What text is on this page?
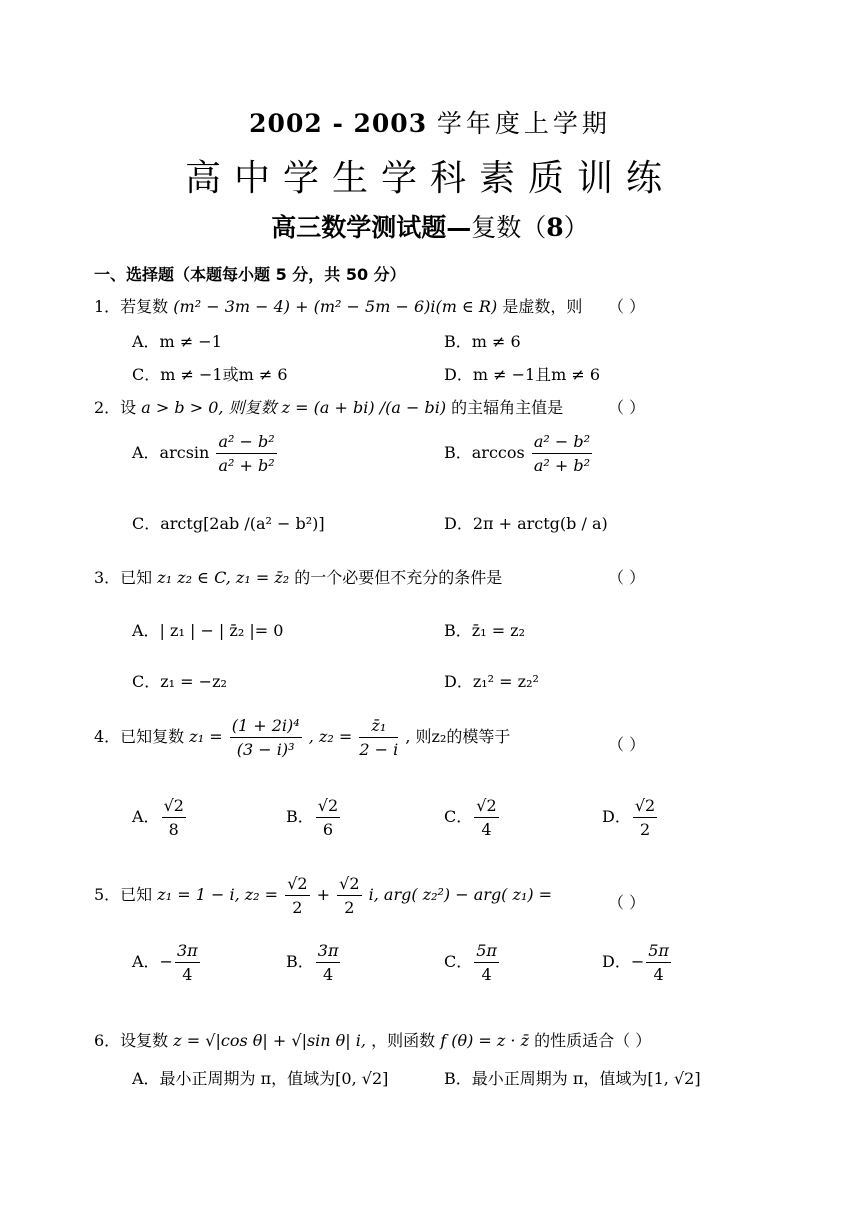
2002 - 2003 学年度上学期
高中学生学科素质训练
高三数学测试题—复数（8）
一、选择题（本题每小题 5 分，共 50 分）
1．若复数 (m² − 3m − 4) + (m² − 5m − 6)i(m ∈ R) 是虚数，则 （ ）
A．m ≠ −1	B．m ≠ 6
C．m ≠ −1或m ≠ 6	D．m ≠ −1且m ≠ 6
2．设 a > b > 0, 则复数 z = (a + bi) /(a − bi) 的主辐角主值是	（ ）
A．$\arcsin \frac{\text{a² − b²}}{\text{a² + b²}}$	B．$\arccos \frac{\text{a² − b²}}{\text{a² + b²}}$
C．arctg[2ab /(a² − b²)]	D．2π + arctg(b / a)
3．已知 z₁ z₂ ∈ C, z₁ = z̄₂ 的一个必要但不充分的条件是	（ ）
A．| z₁ | − | z̄₂ |= 0	B．z̄₁ = z₂
C．z₁ = −z₂	D．z₁² = z₂²
4．已知复数 $z_1 = \frac{\text{(1 + 2i)⁴}}{\text{(3 − i)³}}$ , $z_2 = \frac{\text{z̄₁}}{2 - i}$ , 则z₂的模等于	（ ）
A． $\frac{√2}{8}$	B． $\frac{√2}{6}$	C． $\frac{√2}{4}$	D． $\frac{√2}{2}$
5．已知 z₁ = 1 − i, $z_2 = \frac{√2}{2} + \frac{√2}{2} i$, arg( z₂²) − arg( z₁) =	（ ）
A．− $\frac{3\pi}{4}$	B． $\frac{3\pi}{4}$	C． $\frac{5\pi}{4}$	D．− $\frac{5\pi}{4}$
6．设复数 z = √|cos θ| + √|sin θ| i, ，则函数 f (θ) = z · z̄ 的性质适合（ ）
A．最小正周期为 π，值域为[0, √2]	B．最小正周期为 π，值域为[1, √2]
